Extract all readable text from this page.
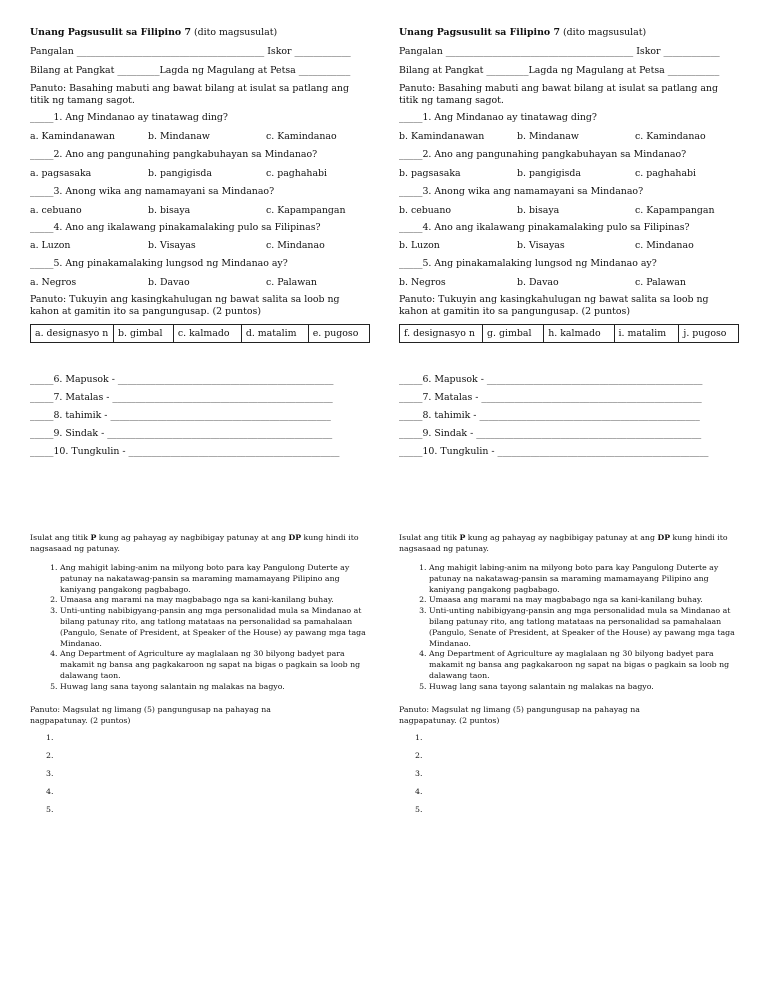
Unang Pagsusulit sa Filipino 7 (dito magsusulat)
Pangalan ________________________________________ Iskor ____________
Bilang at Pangkat _________Lagda ng Magulang at Petsa ___________
Panuto: Basahing mabuti ang bawat bilang at isulat sa patlang ang titik ng tamang sagot.
_____1. Ang Mindanao ay tinatawag ding?
a. Kamindanawan	b. Mindanaw	c. Kamindanao
_____2. Ano ang pangunahing pangkabuhayan sa Mindanao?
a. pagsasaka	b. pangigisda	c. paghahabi
_____3. Anong wika ang namamayani sa Mindanao?
a. cebuano	b. bisaya	c. Kapampangan
_____4. Ano ang ikalawang pinakamalaking pulo sa Filipinas?
a. Luzon	b. Visayas	c. Mindanao
_____5. Ang pinakamalaking lungsod ng Mindanao ay?
a. Negros	b. Davao	c. Palawan
Panuto: Tukuyin ang kasingkahulugan ng bawat salita sa loob ng kahon at gamitin ito sa pangungusap. (2 puntos)
a. designasyo n	b. gimbal	c. kalmado	d. matalim	e. pugoso
_____6. Mapusok - ______________________________________________
_____7. Matalas - _______________________________________________
_____8. tahimik - _______________________________________________
_____9. Sindak - ________________________________________________
_____10. Tungkulin - _____________________________________________
Unang Pagsusulit sa Filipino 7 (dito magsusulat)
Pangalan ________________________________________ Iskor ____________
Bilang at Pangkat _________Lagda ng Magulang at Petsa ___________
Panuto: Basahing mabuti ang bawat bilang at isulat sa patlang ang titik ng tamang sagot.
_____1. Ang Mindanao ay tinatawag ding?
b. Kamindanawan	b. Mindanaw	c. Kamindanao
_____2. Ano ang pangunahing pangkabuhayan sa Mindanao?
b. pagsasaka	b. pangigisda	c. paghahabi
_____3. Anong wika ang namamayani sa Mindanao?
b. cebuano	b. bisaya	c. Kapampangan
_____4. Ano ang ikalawang pinakamalaking pulo sa Filipinas?
b. Luzon	b. Visayas	c. Mindanao
_____5. Ang pinakamalaking lungsod ng Mindanao ay?
b. Negros	b. Davao	c. Palawan
Panuto: Tukuyin ang kasingkahulugan ng bawat salita sa loob ng kahon at gamitin ito sa pangungusap. (2 puntos)
f. designasyo n	g. gimbal	h. kalmado	i. matalim	j. pugoso
_____6. Mapusok - ______________________________________________
_____7. Matalas - _______________________________________________
_____8. tahimik - _______________________________________________
_____9. Sindak - ________________________________________________
_____10. Tungkulin - _____________________________________________
Isulat ang titik P kung ag pahayag ay nagbibigay patunay at ang DP kung hindi ito nagsasaad ng patunay.
1. Ang mahigit labing-anim na milyong boto para kay Pangulong Duterte ay patunay na nakatawag-pansin sa maraming mamamayang Pilipino ang kaniyang pangakong pagbabago.
2. Umaasa ang marami na may magbabago nga sa kani-kanilang buhay.
3. Unti-unting nabibigyang-pansin ang mga personalidad mula sa Mindanao at bilang patunay rito, ang tatlong matataas na personalidad sa pamahalaan (Pangulo, Senate of President, at Speaker of the House) ay pawang mga taga Mindanao.
4. Ang Department of Agriculture ay maglalaan ng 30 bilyong badyet para makamit ng bansa ang pagkakaroon ng sapat na bigas o pagkain sa loob ng dalawang taon.
5. Huwag lang sana tayong salantain ng malakas na bagyo.
Panuto: Magsulat ng limang (5) pangungusap na pahayag na nagpapatunay. (2 puntos)
1.
2.
3.
4.
5.
Isulat ang titik P kung ag pahayag ay nagbibigay patunay at ang DP kung hindi ito nagsasaad ng patunay.
1. Ang mahigit labing-anim na milyong boto para kay Pangulong Duterte ay patunay na nakatawag-pansin sa maraming mamamayang Pilipino ang kaniyang pangakong pagbabago.
2. Umaasa ang marami na may magbabago nga sa kani-kanilang buhay.
3. Unti-unting nabibigyang-pansin ang mga personalidad mula sa Mindanao at bilang patunay rito, ang tatlong matataas na personalidad sa pamahalaan (Pangulo, Senate of President, at Speaker of the House) ay pawang mga taga Mindanao.
4. Ang Department of Agriculture ay maglalaan ng 30 bilyong badyet para makamit ng bansa ang pagkakaroon ng sapat na bigas o pagkain sa loob ng dalawang taon.
5. Huwag lang sana tayong salantain ng malakas na bagyo.
Panuto: Magsulat ng limang (5) pangungusap na pahayag na nagpapatunay. (2 puntos)
1.
2.
3.
4.
5.
